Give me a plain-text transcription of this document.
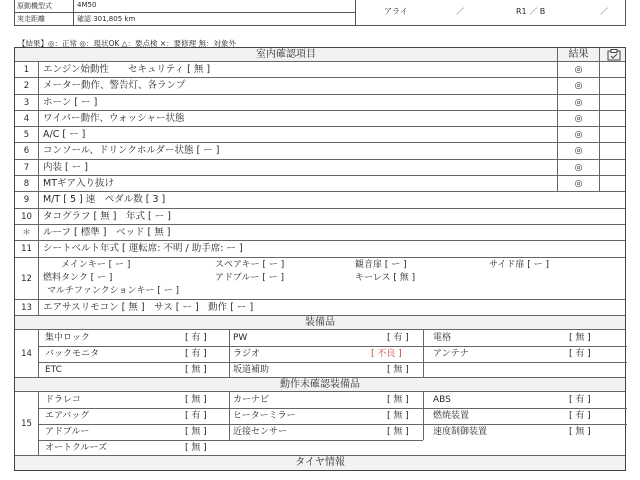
原動機型式	4M50
実走距離	確認 301,805 km
アライ	／	R1 ／ B	／
【結果】◎：正常 ◎：現状OK △：要点検 ×：要修理 無：対象外
室内確認項目	結果
1	エンジン始動性　　セキュリティ [ 無 ]	◎
2	メーター動作、警告灯、各ランプ	◎
3	ホーン [ ー ]	◎
4	ワイパー動作、ウォッシャー状態	◎
5	A/C [ ー ]	◎
6	コンソール、ドリンクホルダー状態 [ ー ]	◎
7	内装 [ ー ]	◎
8	MTギア入り抜け	◎
9	M/T [ 5 ] 速　ペダル数 [ 3 ]
10	タコグラフ [ 無 ]　年式 [ ー ]
＊	ルーフ [ 標準 ]　ベッド [ 無 ]
11	シートベルト年式 [ 運転席: 不明 / 助手席: ー ]
12
メインキー [ ー ]	スペアキー [ ー ]	観音扉 [ ー ]	サイド扉 [ ー ]
燃料タンク [ ー ]	アドブルー [ ー ]	キーレス [ 無 ]
マルチファンクションキー [ ー ]
13	エアサスリモコン [ 無 ]　サス [ ー ]　動作 [ ー ]
装備品
14
集中ロック	[ 有 ]	PW	[ 有 ]	電格	[ 無 ]
バックモニタ	[ 有 ]	ラジオ	[ 不良 ]	アンテナ	[ 有 ]
ETC	[ 無 ]	坂道補助	[ 無 ]
動作未確認装備品
15
ドラレコ	[ 無 ]	カーナビ	[ 無 ]	ABS	[ 有 ]
エアバッグ	[ 有 ]	ヒーターミラー	[ 無 ]	燃焼装置	[ 有 ]
アドブルー	[ 無 ]	近接センサー	[ 無 ]	速度制御装置	[ 無 ]
オートクルーズ	[ 無 ]
タイヤ情報
